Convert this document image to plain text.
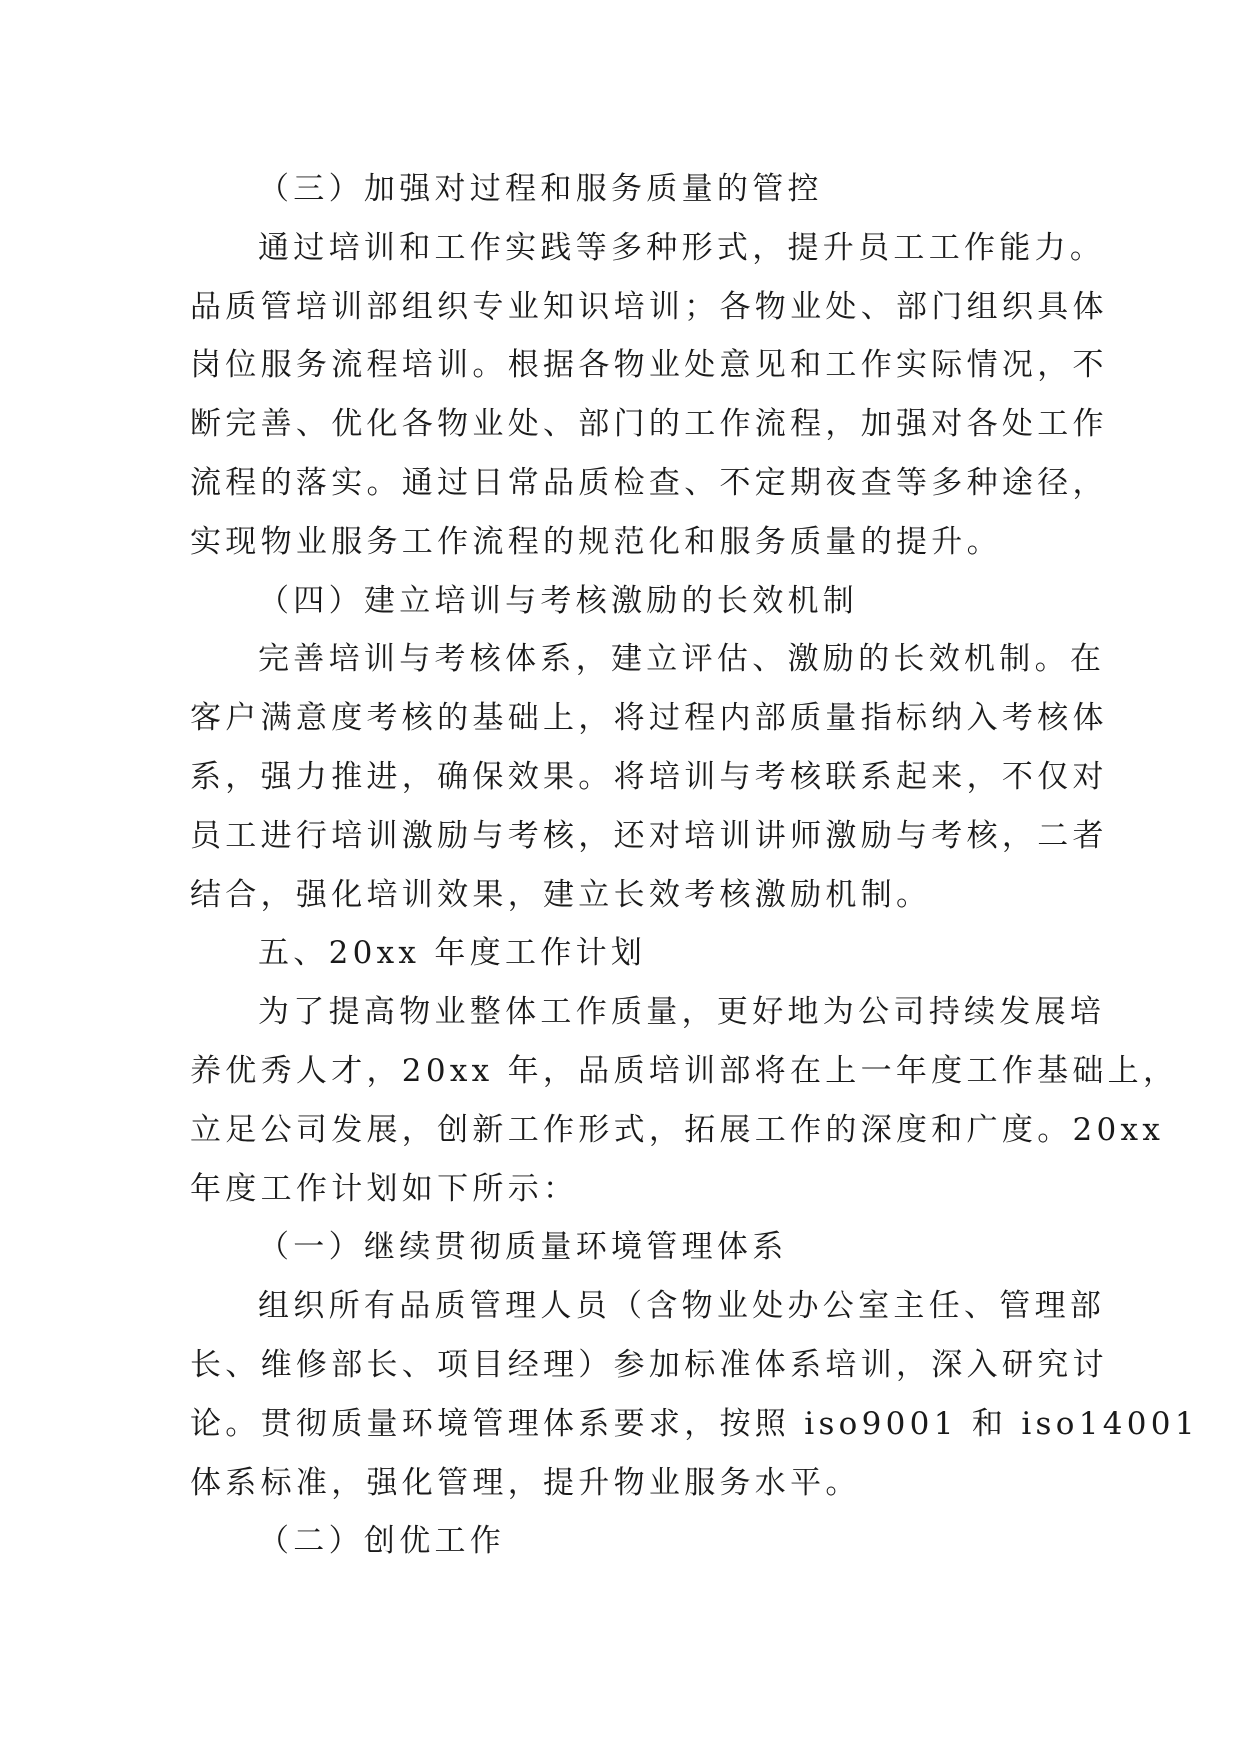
（三）加强对过程和服务质量的管控
通过培训和工作实践等多种形式，提升员工工作能力。
品质管培训部组织专业知识培训；各物业处、部门组织具体
岗位服务流程培训。根据各物业处意见和工作实际情况，不
断完善、优化各物业处、部门的工作流程，加强对各处工作
流程的落实。通过日常品质检查、不定期夜查等多种途径，
实现物业服务工作流程的规范化和服务质量的提升。
（四）建立培训与考核激励的长效机制
完善培训与考核体系，建立评估、激励的长效机制。在
客户满意度考核的基础上，将过程内部质量指标纳入考核体
系，强力推进，确保效果。将培训与考核联系起来，不仅对
员工进行培训激励与考核，还对培训讲师激励与考核，二者
结合，强化培训效果，建立长效考核激励机制。
五、20xx 年度工作计划
为了提高物业整体工作质量，更好地为公司持续发展培
养优秀人才，20xx 年，品质培训部将在上一年度工作基础上，
立足公司发展，创新工作形式，拓展工作的深度和广度。20xx
年度工作计划如下所示：
（一）继续贯彻质量环境管理体系
组织所有品质管理人员（含物业处办公室主任、管理部
长、维修部长、项目经理）参加标准体系培训，深入研究讨
论。贯彻质量环境管理体系要求，按照 iso9001 和 iso14001
体系标准，强化管理，提升物业服务水平。
（二）创优工作
